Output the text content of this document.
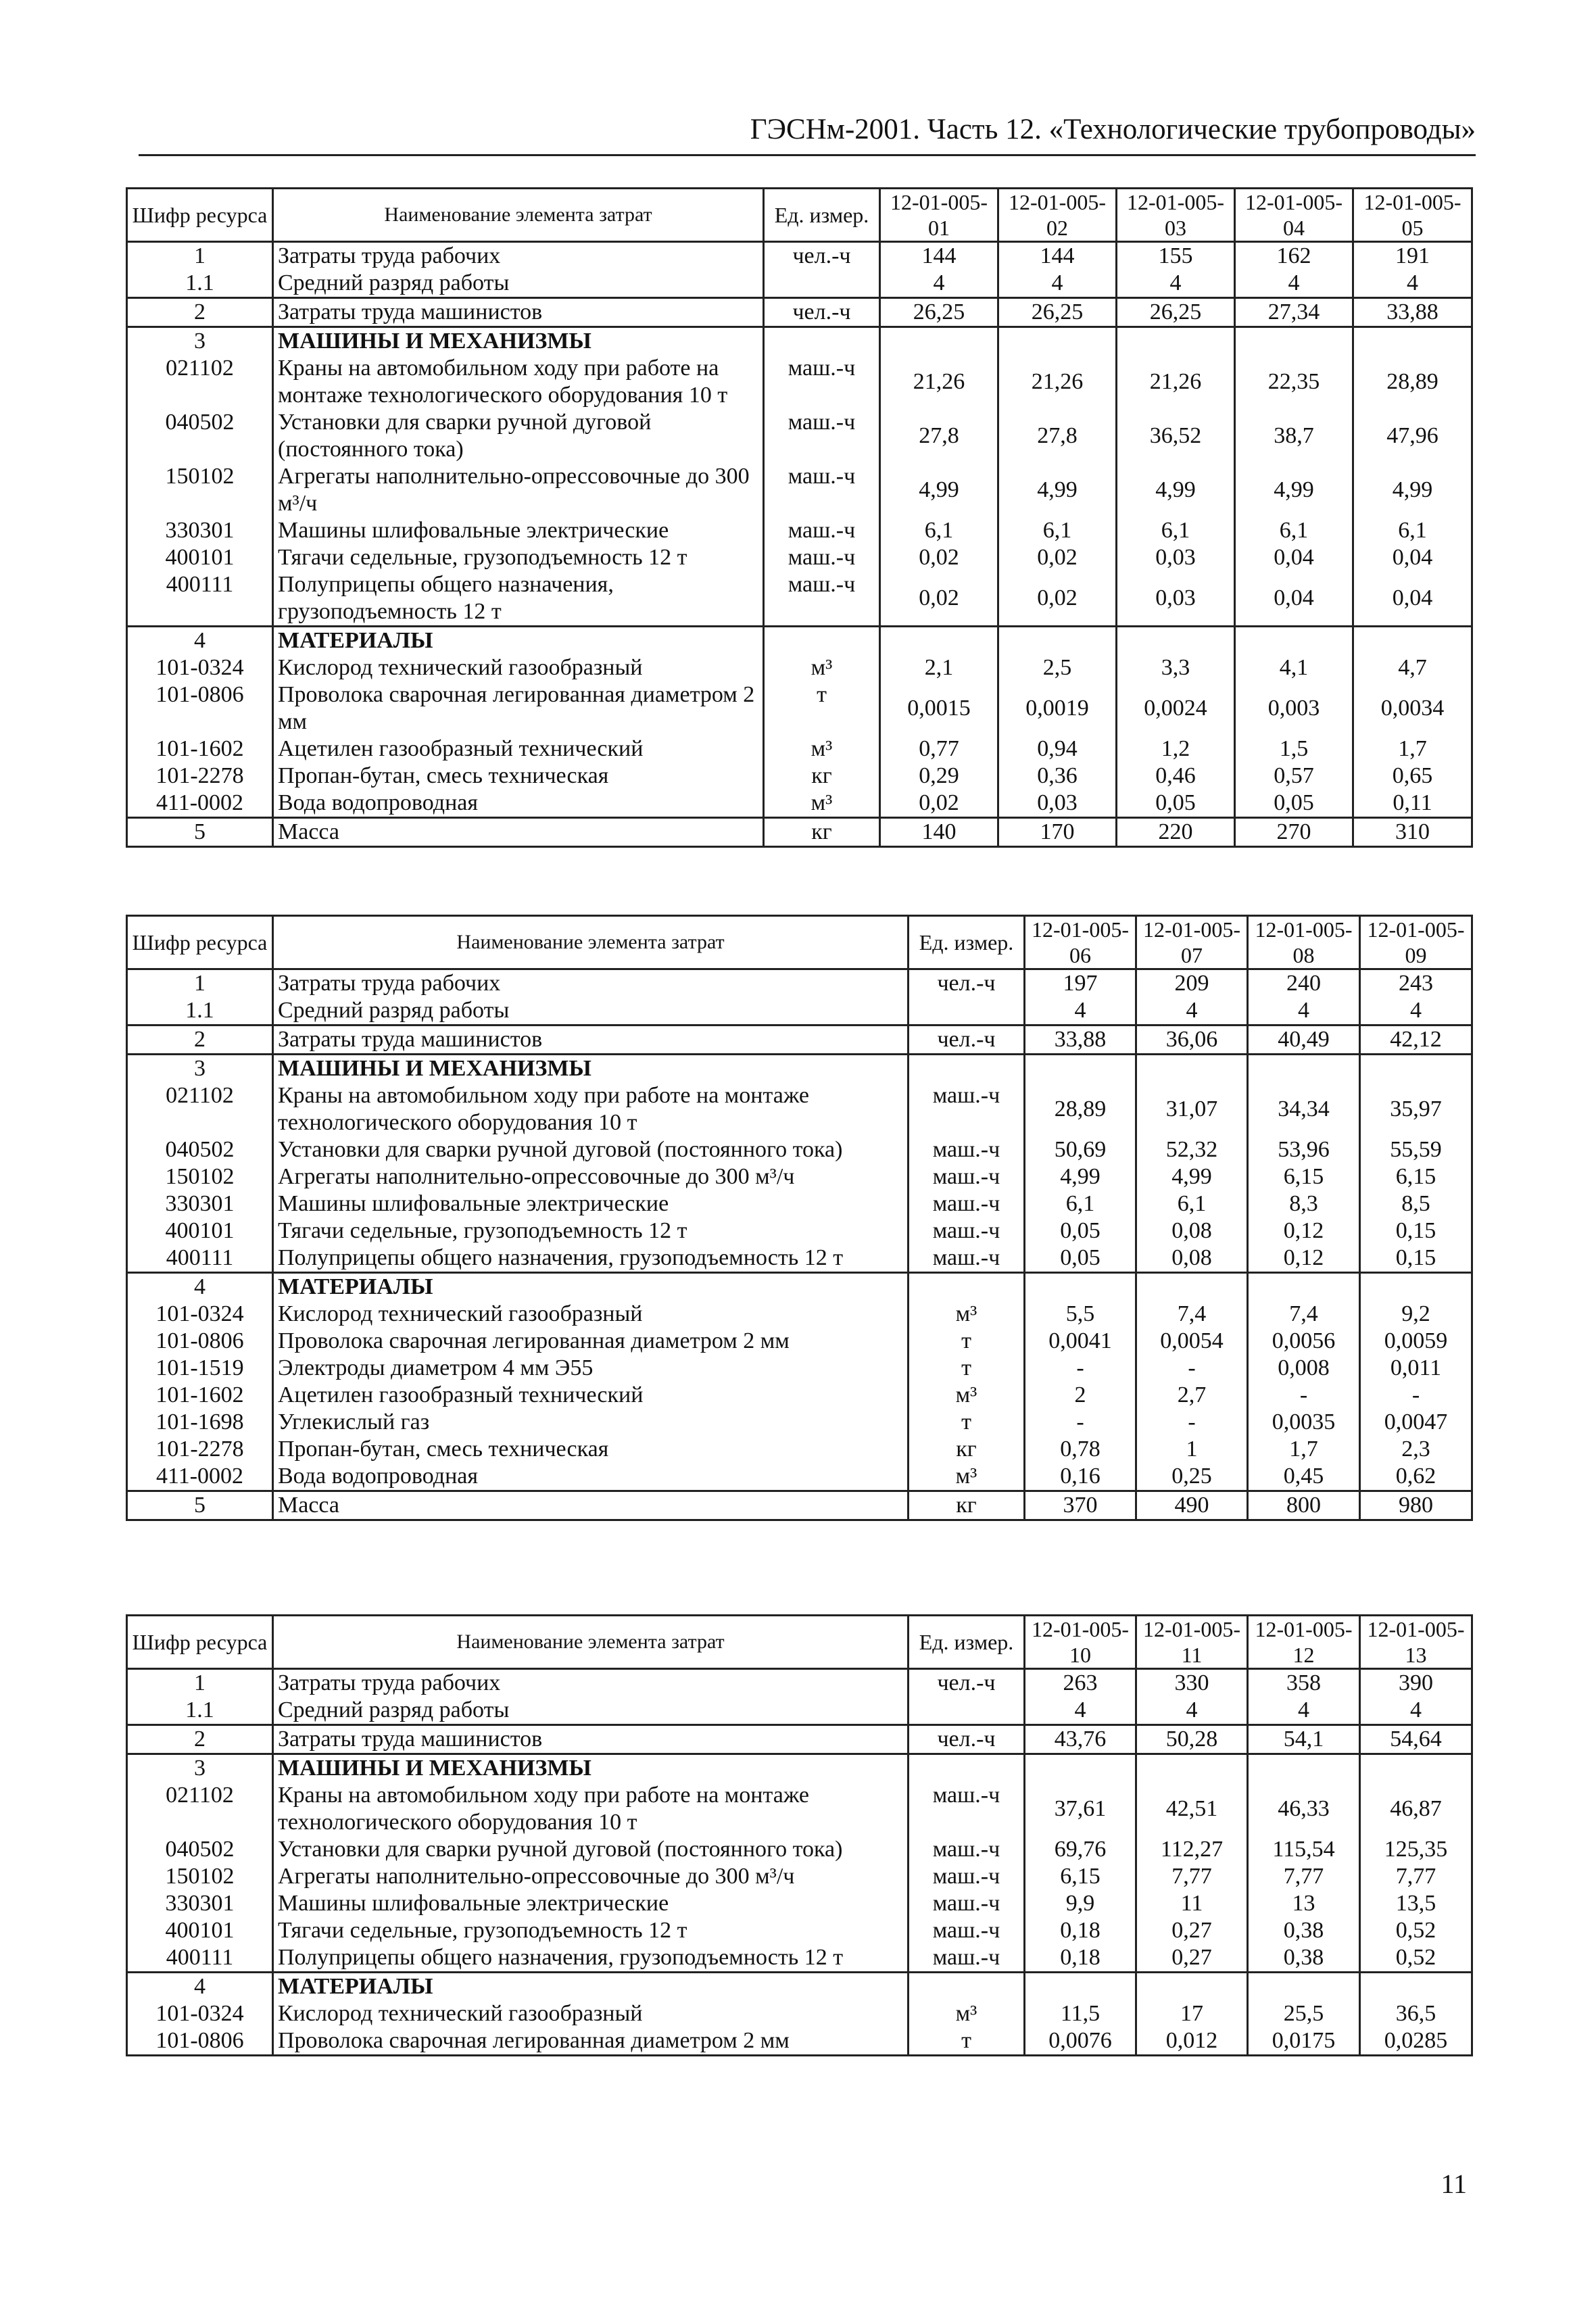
ГЭСНм-2001. Часть 12. «Технологические трубопроводы»
Шифр ресурса	Наименование элемента затрат	Ед. измер.	12-01-005-01	12-01-005-02	12-01-005-03	12-01-005-04	12-01-005-05
1	Затраты труда рабочих	чел.-ч	144	144	155	162	191
1.1	Средний разряд работы		4	4	4	4	4
2	Затраты труда машинистов	чел.-ч	26,25	26,25	26,25	27,34	33,88
3	МАШИНЫ И МЕХАНИЗМЫ						
021102	Краны на автомобильном ходу при работе на монтаже технологического оборудования 10 т	маш.-ч	21,26	21,26	21,26	22,35	28,89
040502	Установки для сварки ручной дуговой (постоянного тока)	маш.-ч	27,8	27,8	36,52	38,7	47,96
150102	Агрегаты наполнительно-опрессовочные до 300 м³/ч	маш.-ч	4,99	4,99	4,99	4,99	4,99
330301	Машины шлифовальные электрические	маш.-ч	6,1	6,1	6,1	6,1	6,1
400101	Тягачи седельные, грузоподъемность 12 т	маш.-ч	0,02	0,02	0,03	0,04	0,04
400111	Полуприцепы общего назначения, грузоподъемность 12 т	маш.-ч	0,02	0,02	0,03	0,04	0,04
4	МАТЕРИАЛЫ						
101-0324	Кислород технический газообразный	м³	2,1	2,5	3,3	4,1	4,7
101-0806	Проволока сварочная легированная диаметром 2 мм	т	0,0015	0,0019	0,0024	0,003	0,0034
101-1602	Ацетилен газообразный технический	м³	0,77	0,94	1,2	1,5	1,7
101-2278	Пропан-бутан, смесь техническая	кг	0,29	0,36	0,46	0,57	0,65
411-0002	Вода водопроводная	м³	0,02	0,03	0,05	0,05	0,11
5	Масса	кг	140	170	220	270	310
Шифр ресурса	Наименование элемента затрат	Ед. измер.	12-01-005-06	12-01-005-07	12-01-005-08	12-01-005-09
1	Затраты труда рабочих	чел.-ч	197	209	240	243
1.1	Средний разряд работы		4	4	4	4
2	Затраты труда машинистов	чел.-ч	33,88	36,06	40,49	42,12
3	МАШИНЫ И МЕХАНИЗМЫ					
021102	Краны на автомобильном ходу при работе на монтаже технологического оборудования 10 т	маш.-ч	28,89	31,07	34,34	35,97
040502	Установки для сварки ручной дуговой (постоянного тока)	маш.-ч	50,69	52,32	53,96	55,59
150102	Агрегаты наполнительно-опрессовочные до 300 м³/ч	маш.-ч	4,99	4,99	6,15	6,15
330301	Машины шлифовальные электрические	маш.-ч	6,1	6,1	8,3	8,5
400101	Тягачи седельные, грузоподъемность 12 т	маш.-ч	0,05	0,08	0,12	0,15
400111	Полуприцепы общего назначения, грузоподъемность 12 т	маш.-ч	0,05	0,08	0,12	0,15
4	МАТЕРИАЛЫ					
101-0324	Кислород технический газообразный	м³	5,5	7,4	7,4	9,2
101-0806	Проволока сварочная легированная диаметром 2 мм	т	0,0041	0,0054	0,0056	0,0059
101-1519	Электроды диаметром 4 мм Э55	т	-	-	0,008	0,011
101-1602	Ацетилен газообразный технический	м³	2	2,7	-	-
101-1698	Углекислый газ	т	-	-	0,0035	0,0047
101-2278	Пропан-бутан, смесь техническая	кг	0,78	1	1,7	2,3
411-0002	Вода водопроводная	м³	0,16	0,25	0,45	0,62
5	Масса	кг	370	490	800	980
Шифр ресурса	Наименование элемента затрат	Ед. измер.	12-01-005-10	12-01-005-11	12-01-005-12	12-01-005-13
1	Затраты труда рабочих	чел.-ч	263	330	358	390
1.1	Средний разряд работы		4	4	4	4
2	Затраты труда машинистов	чел.-ч	43,76	50,28	54,1	54,64
3	МАШИНЫ И МЕХАНИЗМЫ					
021102	Краны на автомобильном ходу при работе на монтаже технологического оборудования 10 т	маш.-ч	37,61	42,51	46,33	46,87
040502	Установки для сварки ручной дуговой (постоянного тока)	маш.-ч	69,76	112,27	115,54	125,35
150102	Агрегаты наполнительно-опрессовочные до 300 м³/ч	маш.-ч	6,15	7,77	7,77	7,77
330301	Машины шлифовальные электрические	маш.-ч	9,9	11	13	13,5
400101	Тягачи седельные, грузоподъемность 12 т	маш.-ч	0,18	0,27	0,38	0,52
400111	Полуприцепы общего назначения, грузоподъемность 12 т	маш.-ч	0,18	0,27	0,38	0,52
4	МАТЕРИАЛЫ					
101-0324	Кислород технический газообразный	м³	11,5	17	25,5	36,5
101-0806	Проволока сварочная легированная диаметром 2 мм	т	0,0076	0,012	0,0175	0,0285
11
